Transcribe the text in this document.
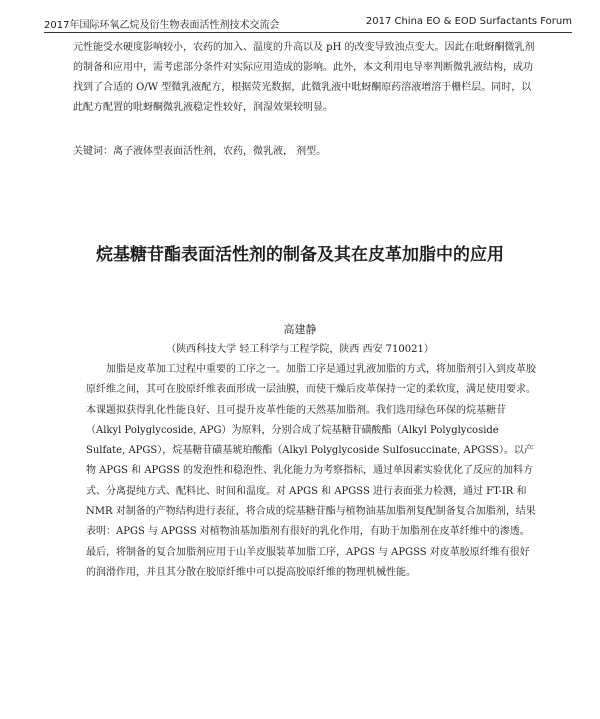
2017年国际环氧乙烷及衍生物表面活性剂技术交流会	2017 China EO & EOD Surfactants Forum
元性能受水硬度影响较小，农药的加入、温度的升高以及 pH 的改变导致浊点变大。因此在吡蚜酮微乳剂的制备和应用中，需考虑部分条件对实际应用造成的影响。此外，本文利用电导率判断微乳液结构，成功找到了合适的 O/W 型微乳液配方，根据荧光数据，此微乳液中吡蚜酮原药溶液增溶于栅栏层。同时，以此配方配置的吡蚜酮微乳液稳定性较好，润湿效果较明显。
关键词：离子液体型表面活性剂，农药，微乳液， 剂型。
烷基糖苷酯表面活性剂的制备及其在皮革加脂中的应用
高建静
（陕西科技大学 轻工科学与工程学院，陕西 西安 710021）
加脂是皮革加工过程中重要的工序之一。加脂工序是通过乳液加脂的方式，将加脂剂引入到皮革胶原纤维之间，其可在胶原纤维表面形成一层油膜，而使干燥后皮革保持一定的柔软度，满足使用要求。本课题拟获得乳化性能良好、且可提升皮革性能的天然基加脂剂。我们选用绿色环保的烷基糖苷（Alkyl Polyglycoside, APG）为原料，分别合成了烷基糖苷磺酸酯（Alkyl Polyglycoside Sulfate, APGS），烷基糖苷磺基琥珀酸酯（Alkyl Polyglycoside Sulfosuccinate, APGSS）。以产物 APGS 和 APGSS 的发泡性和稳泡性、乳化能力为考察指标，通过单因素实验优化了反应的加料方式、分离提纯方式、配料比、时间和温度。对 APGS 和 APGSS 进行表面张力检测，通过 FT-IR 和 NMR 对制备的产物结构进行表征，将合成的烷基糖苷酯与植物油基加脂剂复配制备复合加脂剂，结果表明：APGS 与 APGSS 对植物油基加脂剂有很好的乳化作用，有助于加脂剂在皮革纤维中的渗透。最后，将制备的复合加脂剂应用于山羊皮服装革加脂工序，APGS 与 APGSS 对皮革胶原纤维有很好的润滑作用，并且其分散在胶原纤维中可以提高胶原纤维的物理机械性能。
